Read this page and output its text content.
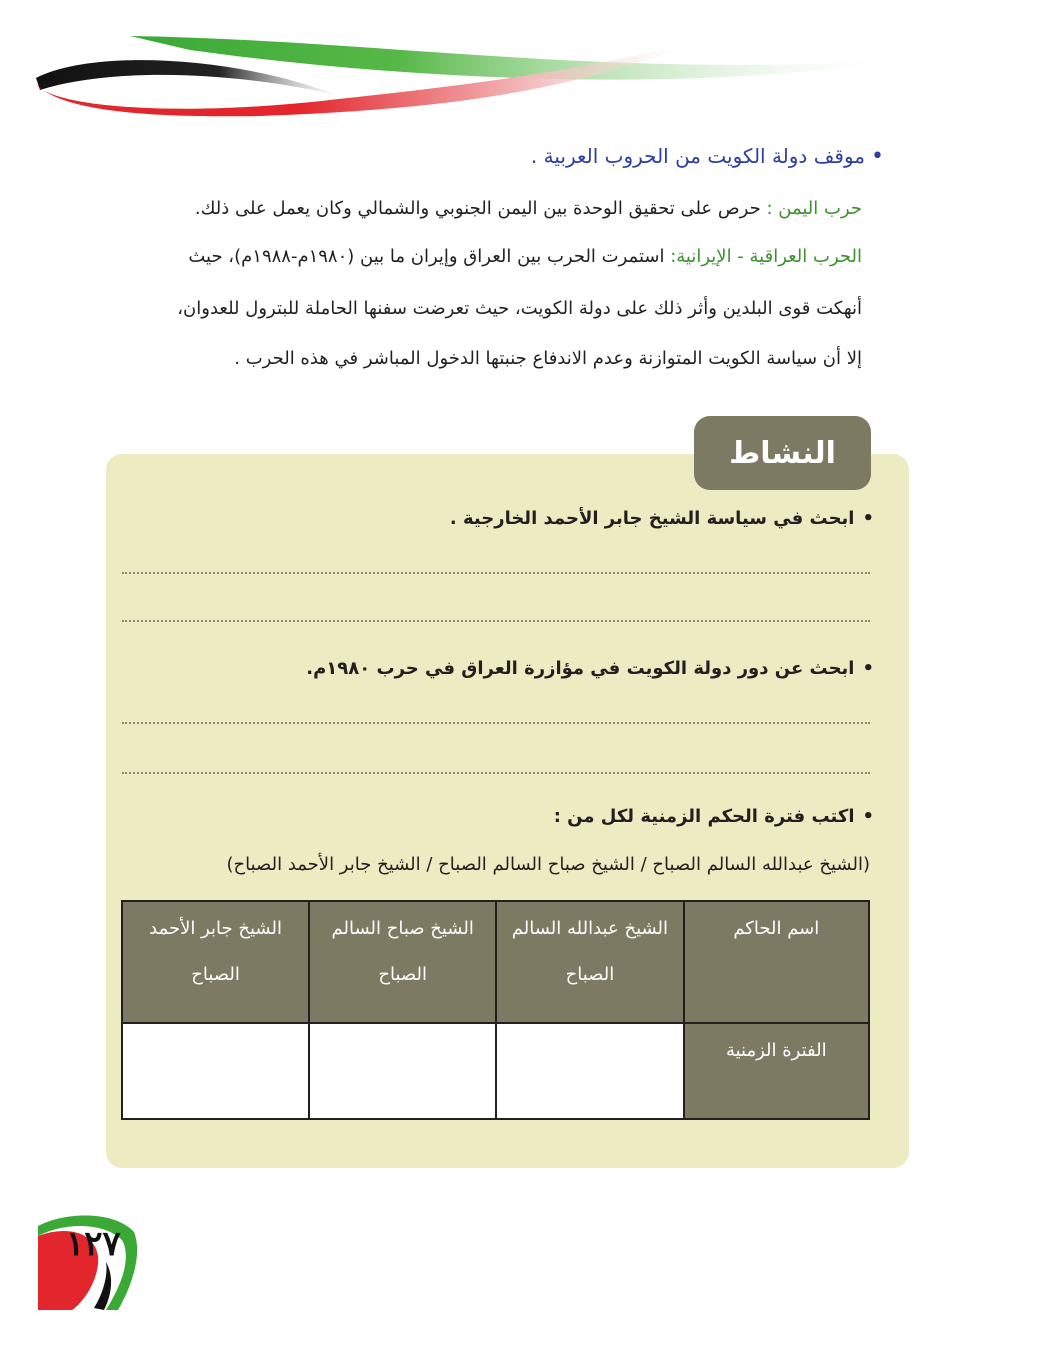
•موقف دولة الكويت من الحروب العربية .
حرب اليمن : حرص على تحقيق الوحدة بين اليمن الجنوبي والشمالي وكان يعمل على ذلك.
الحرب العراقية - الإيرانية: استمرت الحرب بين العراق وإيران ما بين (١٩٨٠م-١٩٨٨م)، حيث
أنهكت قوى البلدين وأثر ذلك على دولة الكويت، حيث تعرضت سفنها الحاملة للبترول للعدوان،
إلا أن سياسة الكويت المتوازنة وعدم الاندفاع جنبتها الدخول المباشر في هذه الحرب .
النشاط
•ابحث في سياسة الشيخ جابر الأحمد الخارجية .
•ابحث عن دور دولة الكويت في مؤازرة العراق في حرب ١٩٨٠م.
•اكتب فترة الحكم الزمنية لكل من :
(الشيخ عبدالله السالم الصباح / الشيخ صباح السالم الصباح / الشيخ جابر الأحمد الصباح)
اسم الحاكم	الشيخ عبدالله السالم الصباح	الشيخ صباح السالم الصباح	الشيخ جابر الأحمد الصباح
الفترة الزمنية			
١٢٧
